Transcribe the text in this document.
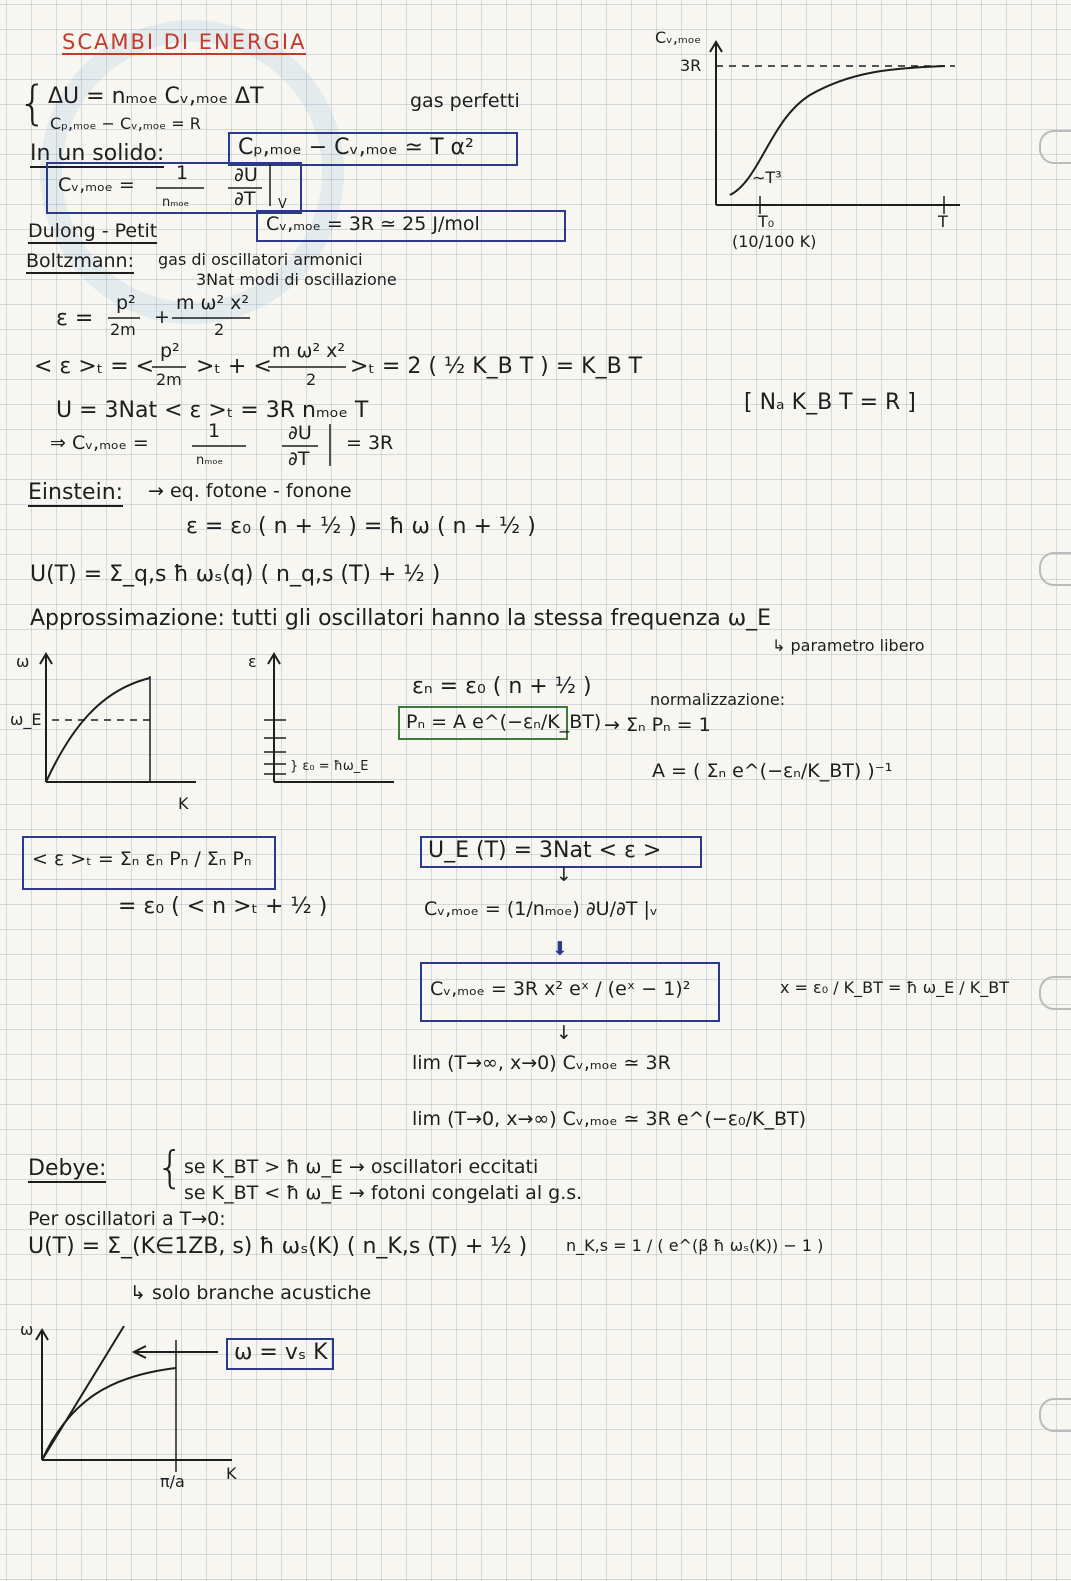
SCAMBI DI ENERGIA
{ ΔU = nₘₒₑ Cᵥ,ₘₒₑ ΔT
Cₚ,ₘₒₑ − Cᵥ,ₘₒₑ = R
gas perfetti
In un solido:	Cₚ,ₘₒₑ − Cᵥ,ₘₒₑ ≃ T α²
Cᵥ,ₘₒₑ =
1
nₘₒₑ
∂U
∂T V
Dulong - Petit	Cᵥ,ₘₒₑ = 3R ≃ 25 J/mol
Cᵥ,ₘₒₑ
3R
∼T³
T₀
(10/100 K)
T
Boltzmann: gas di oscillatori armonici
3Nat modi di oscillazione
ε =
p²
2m
+
m ω² x²
2
< ε >ₜ = <
p²
2m
>ₜ + <
m ω² x²
2
>ₜ = 2 ( ½ K_B T ) = K_B T
U = 3Nat < ε >ₜ = 3R nₘₒₑ T	[ Nₐ K_B T = R ]
⇒ Cᵥ,ₘₒₑ =
1
nₘₒₑ
∂U
∂T
= 3R
Einstein: → eq. fotone - fonone
ε = ε₀ ( n + ½ ) = ħ ω ( n + ½ )
U(T) = Σ_q,s ħ ωₛ(q) ( n_q,s (T) + ½ )
Approssimazione: tutti gli oscillatori hanno la stessa frequenza ω_E
↳ parametro libero
ω
ω_E
K
ε
} ε₀ = ħω_E
εₙ = ε₀ ( n + ½ )
Pₙ = A e^(−εₙ/K_BT)
normalizzazione:
→ Σₙ Pₙ = 1
A = ( Σₙ e^(−εₙ/K_BT) )⁻¹
< ε >ₜ = Σₙ εₙ Pₙ / Σₙ Pₙ
= ε₀ ( < n >ₜ + ½ )
U_E (T) = 3Nat < ε >
↓
Cᵥ,ₘₒₑ = (1/nₘₒₑ) ∂U/∂T |ᵥ
⬇
Cᵥ,ₘₒₑ = 3R x² eˣ / (eˣ − 1)²	x = ε₀ / K_BT = ħ ω_E / K_BT
↓
lim (T→∞, x→0) Cᵥ,ₘₒₑ ≃ 3R
lim (T→0, x→∞) Cᵥ,ₘₒₑ ≃ 3R e^(−ε₀/K_BT)
Debye: { se K_BT > ħ ω_E → oscillatori eccitati
se K_BT < ħ ω_E → fotoni congelati al g.s.
Per oscillatori a T→0:
U(T) = Σ_(K∈1ZB, s) ħ ωₛ(K) ( n_K,s (T) + ½ ) n_K,s = 1 / ( e^(β ħ ωₛ(K)) − 1 )
↳ solo branche acustiche
ω
ω = vₛ K
π/a	K
